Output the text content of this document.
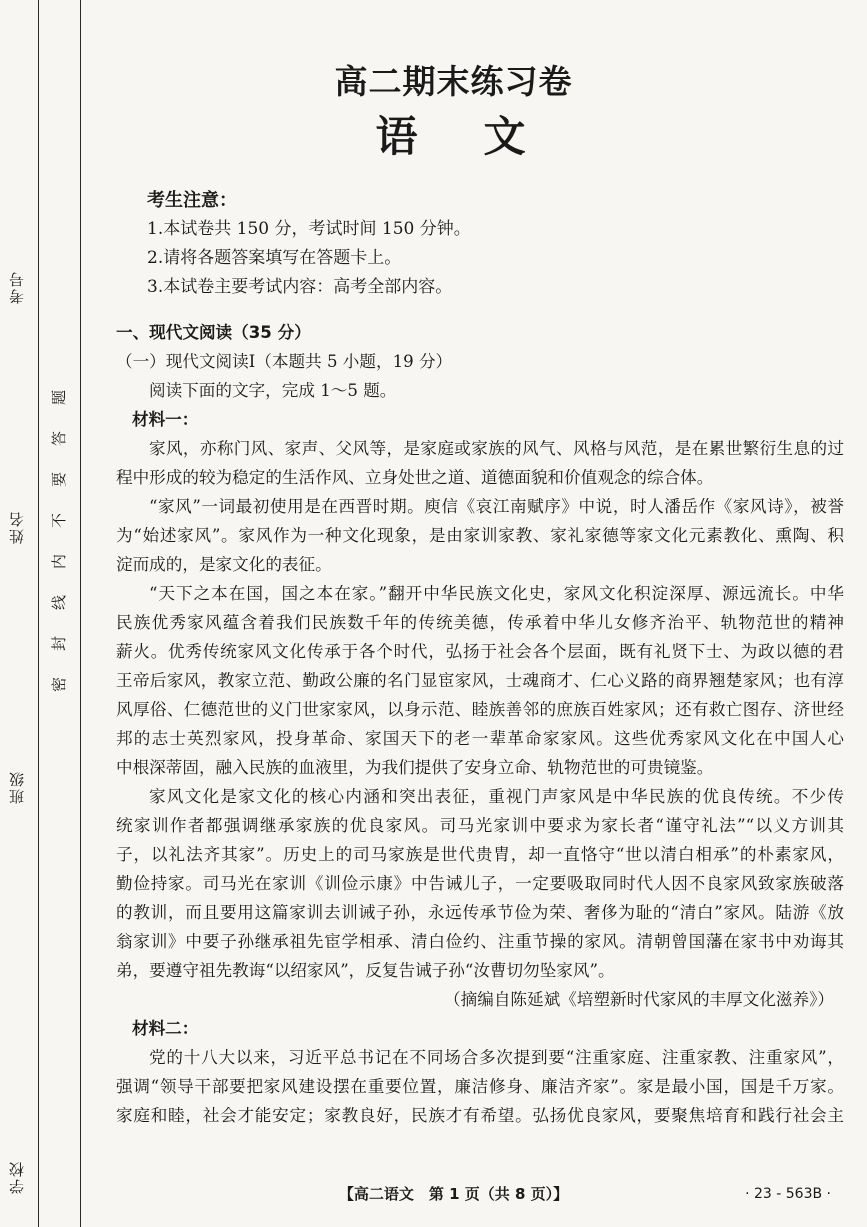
考号
姓名
班级
学校
题
答
要
不
内
线
封
密
高二期末练习卷
语文
考生注意：
1.本试卷共 150 分，考试时间 150 分钟。
2.请将各题答案填写在答题卡上。
3.本试卷主要考试内容：高考全部内容。
一、现代文阅读（35 分）
（一）现代文阅读Ⅰ（本题共 5 小题，19 分）
阅读下面的文字，完成 1～5 题。
材料一：
家风，亦称门风、家声、父风等，是家庭或家族的风气、风格与风范，是在累世繁衍生息的过
程中形成的较为稳定的生活作风、立身处世之道、道德面貌和价值观念的综合体。
“家风”一词最初使用是在西晋时期。庾信《哀江南赋序》中说，时人潘岳作《家风诗》，被誉
为“始述家风”。家风作为一种文化现象，是由家训家教、家礼家德等家文化元素教化、熏陶、积
淀而成的，是家文化的表征。
“天下之本在国，国之本在家。”翻开中华民族文化史，家风文化积淀深厚、源远流长。中华
民族优秀家风蕴含着我们民族数千年的传统美德，传承着中华儿女修齐治平、轨物范世的精神
薪火。优秀传统家风文化传承于各个时代，弘扬于社会各个层面，既有礼贤下士、为政以德的君
王帝后家风，教家立范、勤政公廉的名门显宦家风，士魂商才、仁心义路的商界翘楚家风；也有淳
风厚俗、仁德范世的义门世家家风，以身示范、睦族善邻的庶族百姓家风；还有救亡图存、济世经
邦的志士英烈家风，投身革命、家国天下的老一辈革命家家风。这些优秀家风文化在中国人心
中根深蒂固，融入民族的血液里，为我们提供了安身立命、轨物范世的可贵镜鉴。
家风文化是家文化的核心内涵和突出表征，重视门声家风是中华民族的优良传统。不少传
统家训作者都强调继承家族的优良家风。司马光家训中要求为家长者“谨守礼法”“以义方训其
子，以礼法齐其家”。历史上的司马家族是世代贵胄，却一直恪守“世以清白相承”的朴素家风，
勤俭持家。司马光在家训《训俭示康》中告诫儿子，一定要吸取同时代人因不良家风致家族破落
的教训，而且要用这篇家训去训诫子孙，永远传承节俭为荣、奢侈为耻的“清白”家风。陆游《放
翁家训》中要子孙继承祖先宦学相承、清白俭约、注重节操的家风。清朝曾国藩在家书中劝诲其
弟，要遵守祖先教诲“以绍家风”，反复告诫子孙“汝曹切勿坠家风”。
（摘编自陈延斌《培塑新时代家风的丰厚文化滋养》）
材料二：
党的十八大以来，习近平总书记在不同场合多次提到要“注重家庭、注重家教、注重家风”，
强调“领导干部要把家风建设摆在重要位置，廉洁修身、廉洁齐家”。家是最小国，国是千万家。
家庭和睦，社会才能安定；家教良好，民族才有希望。弘扬优良家风，要聚焦培育和践行社会主
【高二语文　第 1 页（共 8 页）】	· 23 - 563B ·
